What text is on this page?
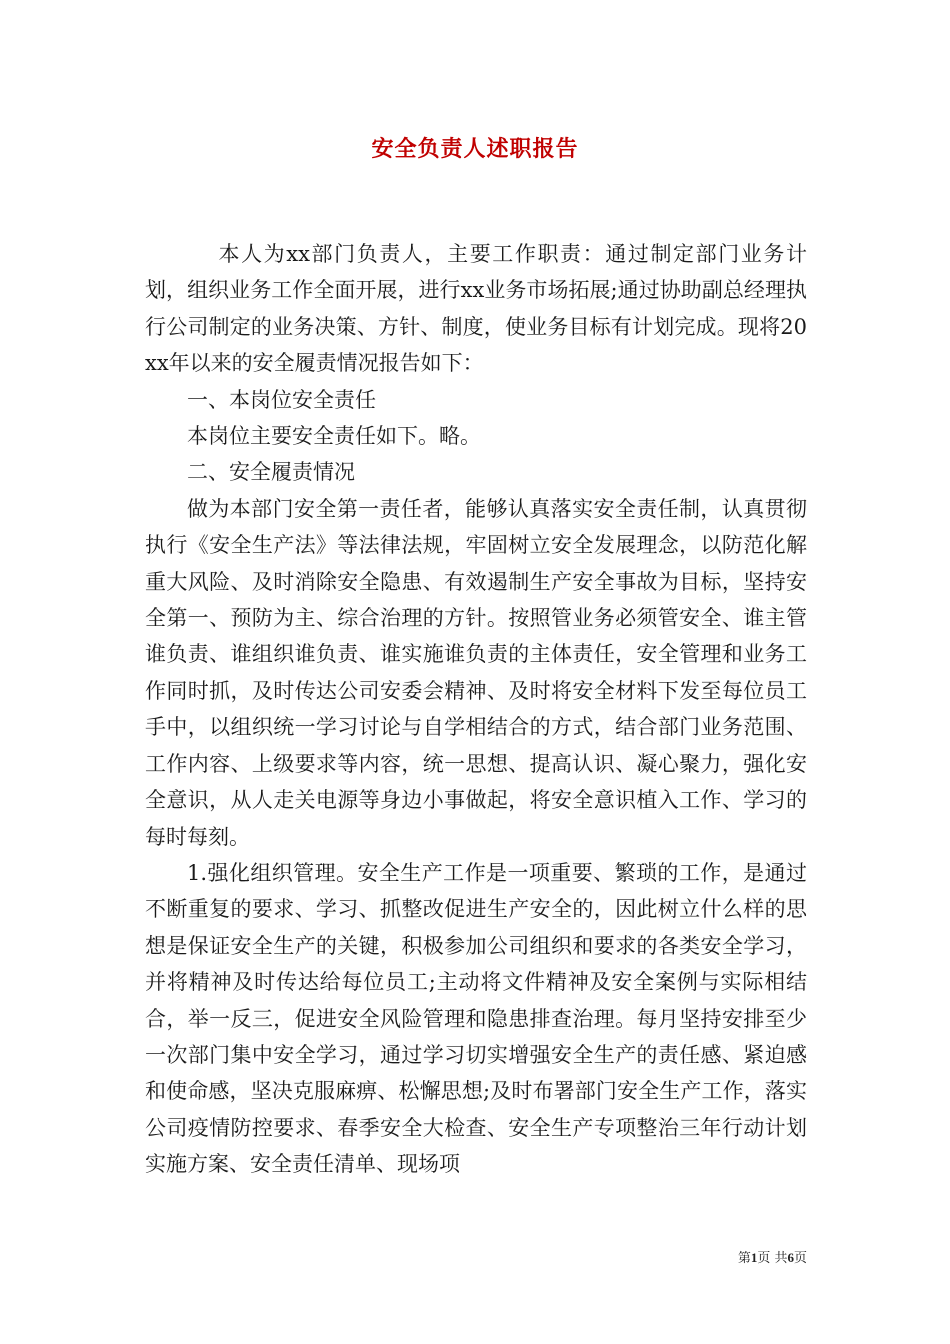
安全负责人述职报告

本人为xx部门负责人，主要工作职责：通过制定部门业务计划，组织业务工作全面开展，进行xx业务市场拓展;通过协助副总经理执行公司制定的业务决策、方针、制度，使业务目标有计划完成。现将20xx年以来的安全履责情况报告如下：

一、本岗位安全责任

本岗位主要安全责任如下。略。

二、安全履责情况

做为本部门安全第一责任者，能够认真落实安全责任制，认真贯彻执行《安全生产法》等法律法规，牢固树立安全发展理念，以防范化解重大风险、及时消除安全隐患、有效遏制生产安全事故为目标，坚持安全第一、预防为主、综合治理的方针。按照管业务必须管安全、谁主管谁负责、谁组织谁负责、谁实施谁负责的主体责任，安全管理和业务工作同时抓，及时传达公司安委会精神、及时将安全材料下发至每位员工手中，以组织统一学习讨论与自学相结合的方式，结合部门业务范围、工作内容、上级要求等内容，统一思想、提高认识、凝心聚力，强化安全意识，从人走关电源等身边小事做起，将安全意识植入工作、学习的每时每刻。

1.强化组织管理。安全生产工作是一项重要、繁琐的工作，是通过不断重复的要求、学习、抓整改促进生产安全的，因此树立什么样的思想是保证安全生产的关键，积极参加公司组织和要求的各类安全学习，并将精神及时传达给每位员工;主动将文件精神及安全案例与实际相结合，举一反三，促进安全风险管理和隐患排查治理。每月坚持安排至少一次部门集中安全学习，通过学习切实增强安全生产的责任感、紧迫感和使命感，坚决克服麻痹、松懈思想;及时布署部门安全生产工作，落实公司疫情防控要求、春季安全大检查、安全生产专项整治三年行动计划实施方案、安全责任清单、现场项

第1页 共6页
